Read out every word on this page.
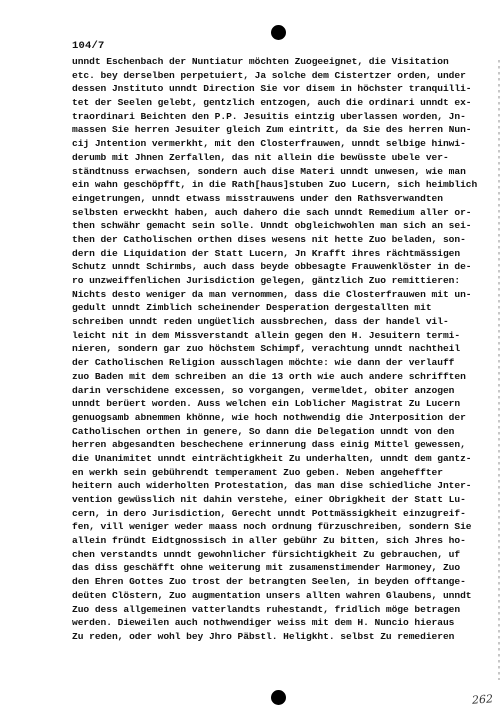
104/7
unndt Eschenbach der Nuntiatur möchten Zuogeeignet, die Visitation
etc. bey derselben perpetuiert, Ja solche dem Cistertzer orden, under
dessen Jnstituto unndt Direction Sie vor disem in höchster tranquilli-
tet der Seelen gelebt, gentzlich entzogen, auch die ordinari unndt ex-
traordinari Beichten den P.P. Jesuitis eintzig uberlassen worden, Jn-
massen Sie herren Jesuiter gleich Zum eintritt, da Sie des herren Nun-
cij Jntention vermerkht, mit den Closterfrauwen, unndt selbige hinwi-
derumb mit Jhnen Zerfallen, das nit allein die bewüsste ubele ver-
ständtnuss erwachsen, sondern auch dise Materi unndt unwesen, wie man
ein wahn geschöpfft, in die Rath[haus]stuben Zuo Lucern, sich heimblich
eingetrungen, unndt etwass misstrauwens under den Rathsverwandten
selbsten erweckht haben, auch dahero die sach unndt Remedium aller or-
then schwähr gemacht sein solle. Unndt obgleichwohlen man sich an sei-
then der Catholischen orthen dises wesens nit hette Zuo beladen, son-
dern die Liquidation der Statt Lucern, Jn Krafft ihres rächtmässigen
Schutz unndt Schirmbs, auch dass beyde obbesagte Frauwenklöster in de-
ro unzweiffenlichen Jurisdiction gelegen, gäntzlich Zuo remittieren:
Nichts desto weniger da man vernommen, dass die Closterfrauwen mit un-
gedult unndt Zimblich scheinender Desperation dergestallten mit
schreiben unndt reden ungüetlich aussbrechen, dass der handel vil-
leicht nit in dem Missverstandt allein gegen den H. Jesuitern termi-
nieren, sondern gar zuo höchstem Schimpf, verachtung unndt nachtheil
der Catholischen Religion ausschlagen möchte: wie dann der verlauff
zuo Baden mit dem schreiben an die 13 orth wie auch andere schrifften
darin verschidene excessen, so vorgangen, vermeldet, obiter anzogen
unndt berüert worden. Auss welchen ein Loblicher Magistrat Zu Lucern
genuogsamb abnemmen khönne, wie hoch nothwendig die Jnterposition der
Catholischen orthen in genere, So dann die Delegation unndt von den
herren abgesandten beschechene erinnerung dass einig Mittel gewessen,
die Unanimitet unndt einträchtigkheit Zu underhalten, unndt dem gantz-
en werkh sein gebührendt temperament Zuo geben. Neben angeheffter
heitern auch widerholten Protestation, das man dise schiedliche Jnter-
vention gewüsslich nit dahin verstehe, einer Obrigkheit der Statt Lu-
cern, in dero Jurisdiction, Gerecht unndt Pottmässigkheit einzugreif-
fen, vill weniger weder maass noch ordnung fürzuschreiben, sondern Sie
allein fründt Eidtgnossisch in aller gebühr Zu bitten, sich Jhres ho-
chen verstandts unndt gewohnlicher fürsichtigkheit Zu gebrauchen, uf
das diss geschäfft ohne weiterung mit zusamenstimender Harmoney, Zuo
den Ehren Gottes Zuo trost der betrangten Seelen, in beyden offtange-
deüten Clöstern, Zuo augmentation unsers allten wahren Glaubens, unndt
Zuo dess allgemeinen vatterlandts ruhestandt, fridlich möge betragen
werden. Dieweilen auch nothwendiger weiss mit dem H. Nuncio hieraus
Zu reden, oder wohl bey Jhro Päbstl. Heligkht. selbst Zu remedieren
262
